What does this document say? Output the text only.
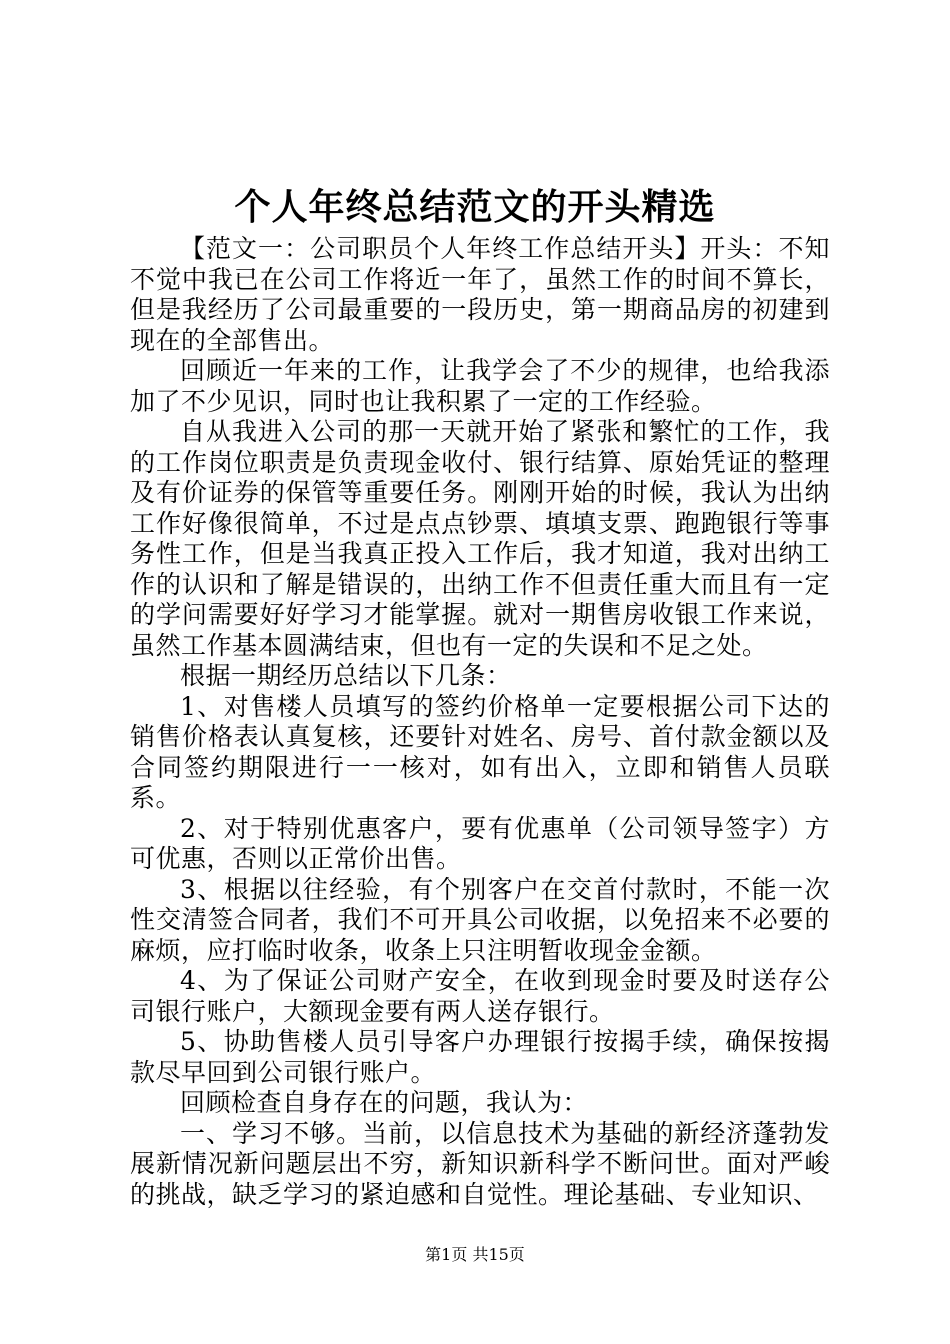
个人年终总结范文的开头精选

【范文一：公司职员个人年终工作总结开头】开头：不知不觉中我已在公司工作将近一年了，虽然工作的时间不算长，但是我经历了公司最重要的一段历史，第一期商品房的初建到现在的全部售出。

回顾近一年来的工作，让我学会了不少的规律，也给我添加了不少见识，同时也让我积累了一定的工作经验。

自从我进入公司的那一天就开始了紧张和繁忙的工作，我的工作岗位职责是负责现金收付、银行结算、原始凭证的整理及有价证券的保管等重要任务。刚刚开始的时候，我认为出纳工作好像很简单，不过是点点钞票、填填支票、跑跑银行等事务性工作，但是当我真正投入工作后，我才知道，我对出纳工作的认识和了解是错误的，出纳工作不但责任重大而且有一定的学问需要好好学习才能掌握。就对一期售房收银工作来说，虽然工作基本圆满结束，但也有一定的失误和不足之处。

根据一期经历总结以下几条：

1、对售楼人员填写的签约价格单一定要根据公司下达的销售价格表认真复核，还要针对姓名、房号、首付款金额以及合同签约期限进行一一核对，如有出入，立即和销售人员联系。

2、对于特别优惠客户，要有优惠单（公司领导签字）方可优惠，否则以正常价出售。

3、根据以往经验，有个别客户在交首付款时，不能一次性交清签合同者，我们不可开具公司收据，以免招来不必要的麻烦，应打临时收条，收条上只注明暂收现金金额。

4、为了保证公司财产安全，在收到现金时要及时送存公司银行账户，大额现金要有两人送存银行。

5、协助售楼人员引导客户办理银行按揭手续，确保按揭款尽早回到公司银行账户。

回顾检查自身存在的问题，我认为：

一、学习不够。当前，以信息技术为基础的新经济蓬勃发展新情况新问题层出不穷，新知识新科学不断问世。面对严峻的挑战，缺乏学习的紧迫感和自觉性。理论基础、专业知识、

第1页 共15页
